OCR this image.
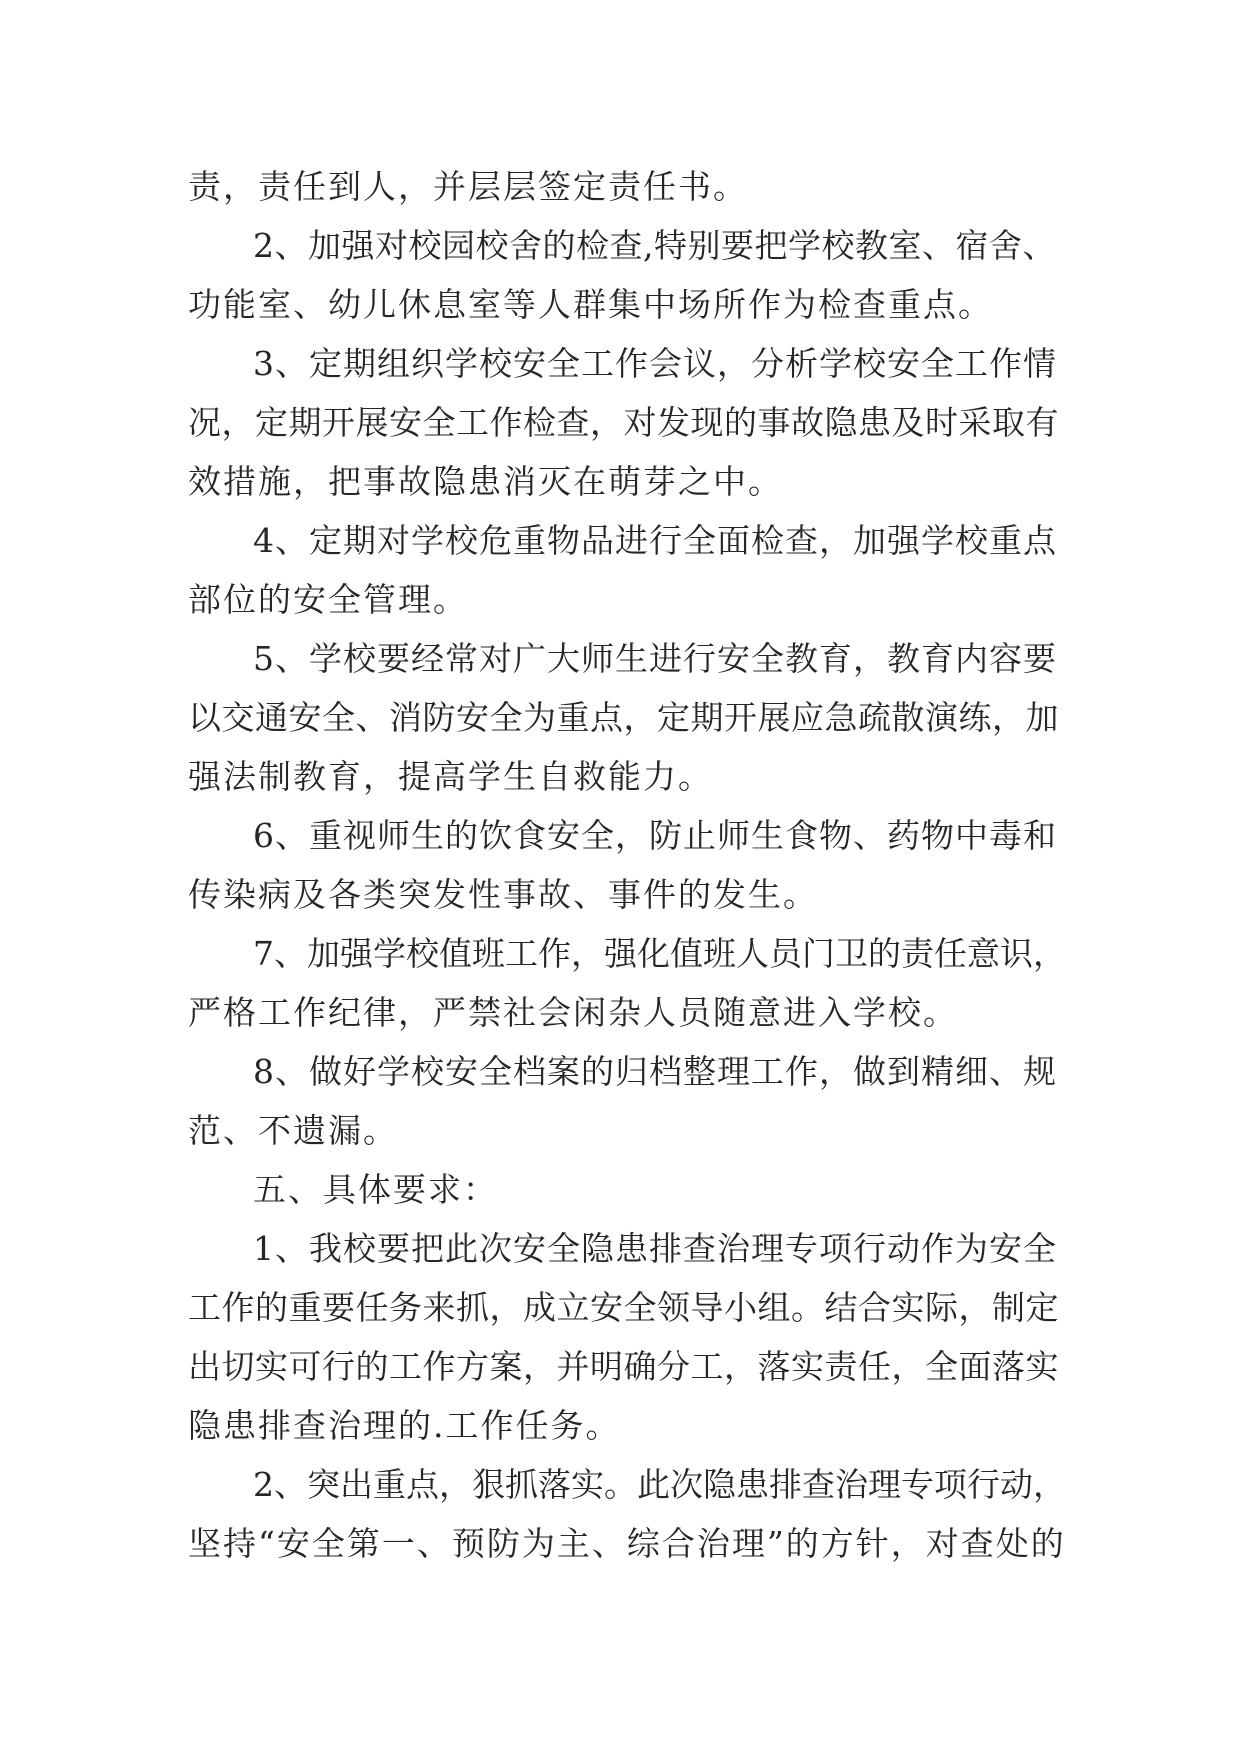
责，责任到人，并层层签定责任书。
2、加强对校园校舍的检查,特别要把学校教室、宿舍、
功能室、幼儿休息室等人群集中场所作为检查重点。
3、定期组织学校安全工作会议，分析学校安全工作情
况，定期开展安全工作检查，对发现的事故隐患及时采取有
效措施，把事故隐患消灭在萌芽之中。
4、定期对学校危重物品进行全面检查，加强学校重点
部位的安全管理。
5、学校要经常对广大师生进行安全教育，教育内容要
以交通安全、消防安全为重点，定期开展应急疏散演练，加
强法制教育，提高学生自救能力。
6、重视师生的饮食安全，防止师生食物、药物中毒和
传染病及各类突发性事故、事件的发生。
7、加强学校值班工作，强化值班人员门卫的责任意识，
严格工作纪律，严禁社会闲杂人员随意进入学校。
8、做好学校安全档案的归档整理工作，做到精细、规
范、不遗漏。
五、具体要求：
1、我校要把此次安全隐患排查治理专项行动作为安全
工作的重要任务来抓，成立安全领导小组。结合实际，制定
出切实可行的工作方案，并明确分工，落实责任，全面落实
隐患排查治理的.工作任务。
2、突出重点，狠抓落实。此次隐患排查治理专项行动，
坚持“安全第一、预防为主、综合治理”的方针，对查处的
